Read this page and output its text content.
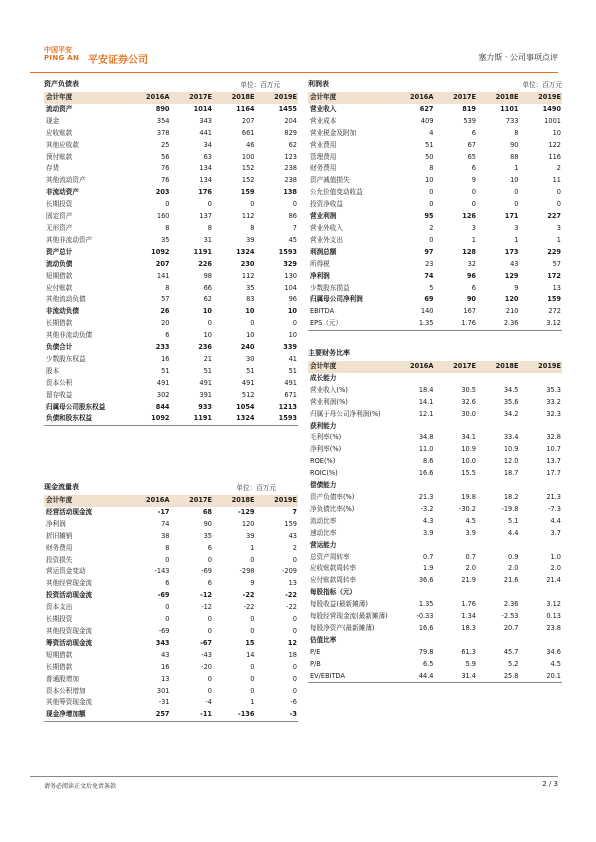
中国平安
PING AN 平安证券公司	塞力斯 · 公司事项点评
资产负债表	单位：百万元
会计年度	2016A	2017E	2018E	2019E
流动资产	890	1014	1164	1455
现金	354	343	207	204
应收账款	378	441	661	829
其他应收款	25	34	46	62
预付账款	56	63	100	123
存货	76	134	152	238
其他流动资产	76	134	152	238
非流动资产	203	176	159	138
长期投资	0	0	0	0
固定资产	160	137	112	86
无形资产	8	8	8	7
其他非流动资产	35	31	39	45
资产总计	1092	1191	1324	1593
流动负债	207	226	230	329
短期借款	141	98	112	130
应付账款	8	66	35	104
其他流动负债	57	62	83	96
非流动负债	26	10	10	10
长期借款	20	0	0	0
其他非流动负债	6	10	10	10
负债合计	233	236	240	339
少数股东权益	16	21	30	41
股本	51	51	51	51
资本公积	491	491	491	491
留存收益	302	391	512	671
归属母公司股东权益	844	933	1054	1213
负债和股东权益	1092	1191	1324	1593
现金流量表	单位：百万元
会计年度	2016A	2017E	2018E	2019E
经营活动现金流	-17	68	-129	7
净利润	74	90	120	159
折旧摊销	38	35	39	43
财务费用	8	6	1	2
投资损失	0	0	0	0
营运资金变动	-143	-69	-298	-209
其他经营现金流	6	6	9	13
投资活动现金流	-69	-12	-22	-22
资本支出	0	-12	-22	-22
长期投资	0	0	0	0
其他投资现金流	-69	0	0	0
筹资活动现金流	343	-67	15	12
短期借款	43	-43	14	18
长期借款	16	-20	0	0
普通股增加	13	0	0	0
资本公积增加	301	0	0	0
其他筹资现金流	-31	-4	1	-6
现金净增加额	257	-11	-136	-3
利润表	单位：百万元
会计年度	2016A	2017E	2018E	2019E
营业收入	627	819	1101	1490
营业成本	409	539	733	1001
营业税金及附加	4	6	8	10
营业费用	51	67	90	122
管理费用	50	65	88	116
财务费用	8	6	1	2
资产减值损失	10	9	10	11
公允价值变动收益	0	0	0	0
投资净收益	0	0	0	0
营业利润	95	126	171	227
营业外收入	2	3	3	3
营业外支出	0	1	1	1
利润总额	97	128	173	229
所得税	23	32	43	57
净利润	74	96	129	172
少数股东损益	5	6	9	13
归属母公司净利润	69	90	120	159
EBITDA	140	167	210	272
EPS（元）	1.35	1.76	2.36	3.12
主要财务比率
会计年度	2016A	2017E	2018E	2019E
成长能力				
营业收入(%)	18.4	30.5	34.5	35.3
营业利润(%)	14.1	32.6	35.6	33.2
归属于母公司净利润(%)	12.1	30.0	34.2	32.3
获利能力				
毛利率(%)	34.8	34.1	33.4	32.8
净利率(%)	11.0	10.9	10.9	10.7
ROE(%)	8.6	10.0	12.0	13.7
ROIC(%)	16.6	15.5	18.7	17.7
偿债能力				
资产负债率(%)	21.3	19.8	18.2	21.3
净负债比率(%)	-3.2	-30.2	-19.8	-7.3
流动比率	4.3	4.5	5.1	4.4
速动比率	3.9	3.9	4.4	3.7
营运能力				
总资产周转率	0.7	0.7	0.9	1.0
应收账款周转率	1.9	2.0	2.0	2.0
应付账款周转率	36.6	21.9	21.6	21.4
每股指标（元）				
每股收益(最新摊薄)	1.35	1.76	2.36	3.12
每股经营现金流(最新摊薄)	-0.33	1.34	-2.53	0.13
每股净资产(最新摊薄)	16.6	18.3	20.7	23.8
估值比率				
P/E	79.8	61.3	45.7	34.6
P/B	6.5	5.9	5.2	4.5
EV/EBITDA	44.4	31.4	25.8	20.1
请务必阅读正文后免责条款	2 / 3
